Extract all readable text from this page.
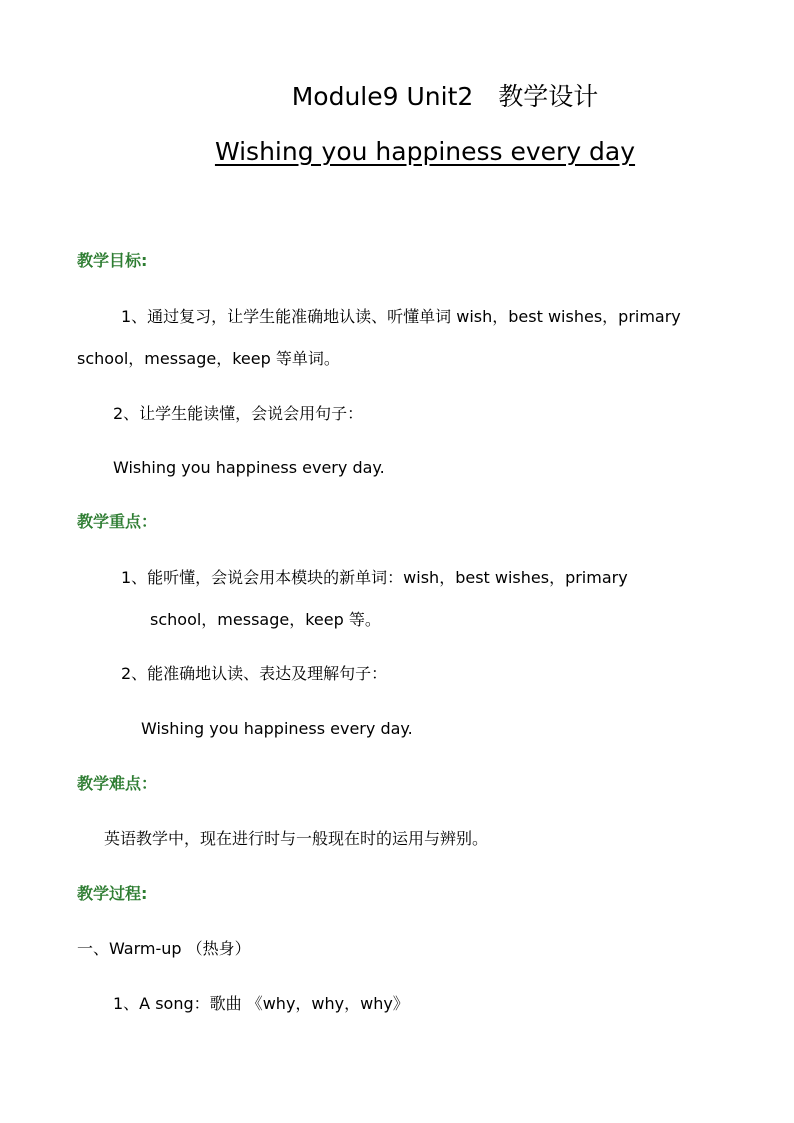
Module9 Unit2　教学设计
Wishing you happiness every day
教学目标:
1、通过复习，让学生能准确地认读、听懂单词 wish，best wishes，primary
school，message，keep 等单词。
2、让学生能读懂，会说会用句子：
Wishing you happiness every day.
教学重点：
1、能听懂，会说会用本模块的新单词：wish，best wishes，primary
school，message，keep 等。
2、能准确地认读、表达及理解句子：
Wishing you happiness every day.
教学难点：
英语教学中，现在进行时与一般现在时的运用与辨别。
教学过程:
一、Warm-up （热身）
1、A song：歌曲 《why，why，why》
